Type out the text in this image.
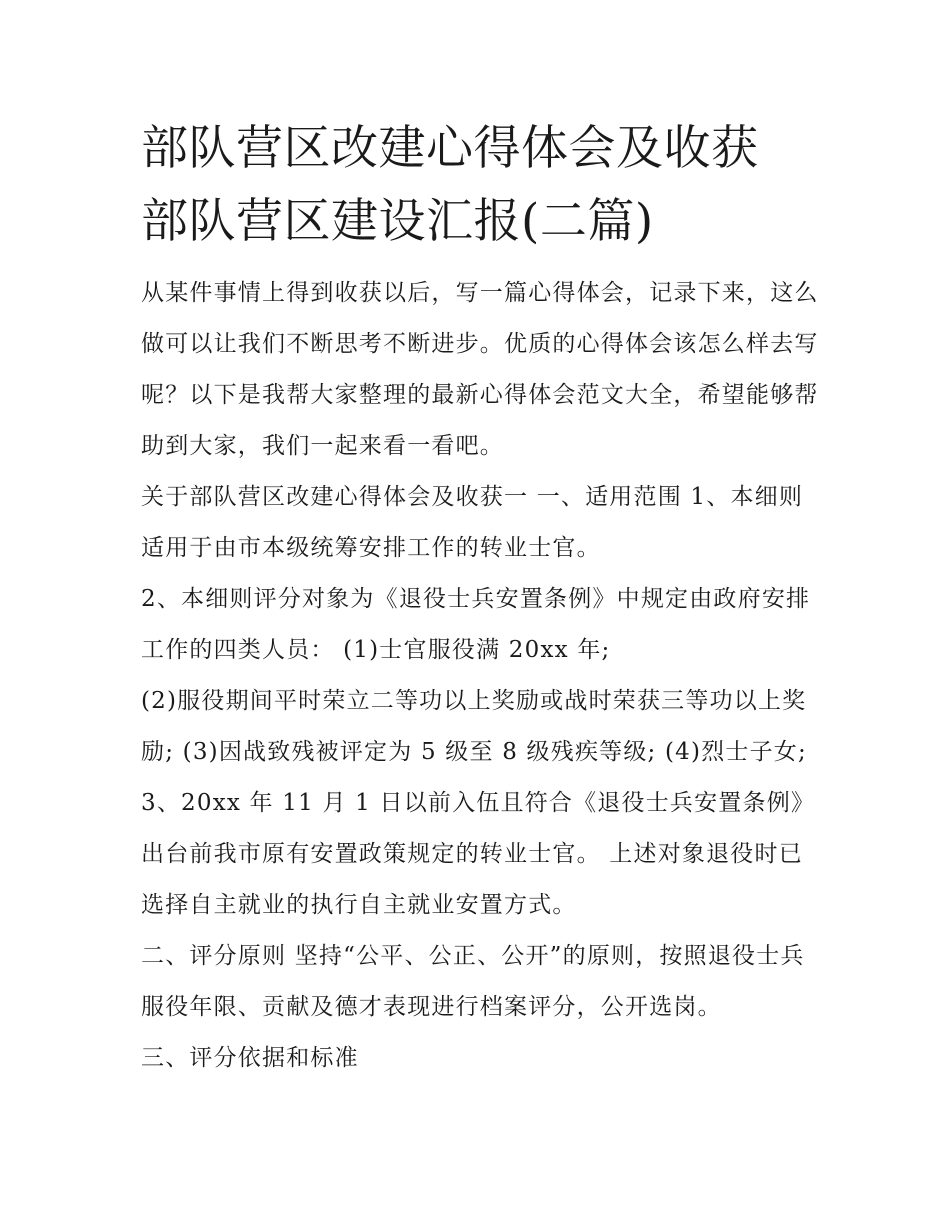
部队营区改建心得体会及收获
部队营区建设汇报(二篇)

从某件事情上得到收获以后，写一篇心得体会，记录下来，这么做可以让我们不断思考不断进步。优质的心得体会该怎么样去写呢？以下是我帮大家整理的最新心得体会范文大全，希望能够帮助到大家，我们一起来看一看吧。

关于部队营区改建心得体会及收获一 一、适用范围 1、本细则适用于由市本级统筹安排工作的转业士官。

2、本细则评分对象为《退役士兵安置条例》中规定由政府安排工作的四类人员： (1)士官服役满 20xx 年;

(2)服役期间平时荣立二等功以上奖励或战时荣获三等功以上奖励; (3)因战致残被评定为 5 级至 8 级残疾等级; (4)烈士子女;

3、20xx 年 11 月 1 日以前入伍且符合《退役士兵安置条例》出台前我市原有安置政策规定的转业士官。 上述对象退役时已选择自主就业的执行自主就业安置方式。

二、评分原则 坚持“公平、公正、公开”的原则，按照退役士兵服役年限、贡献及德才表现进行档案评分，公开选岗。

三、评分依据和标准
